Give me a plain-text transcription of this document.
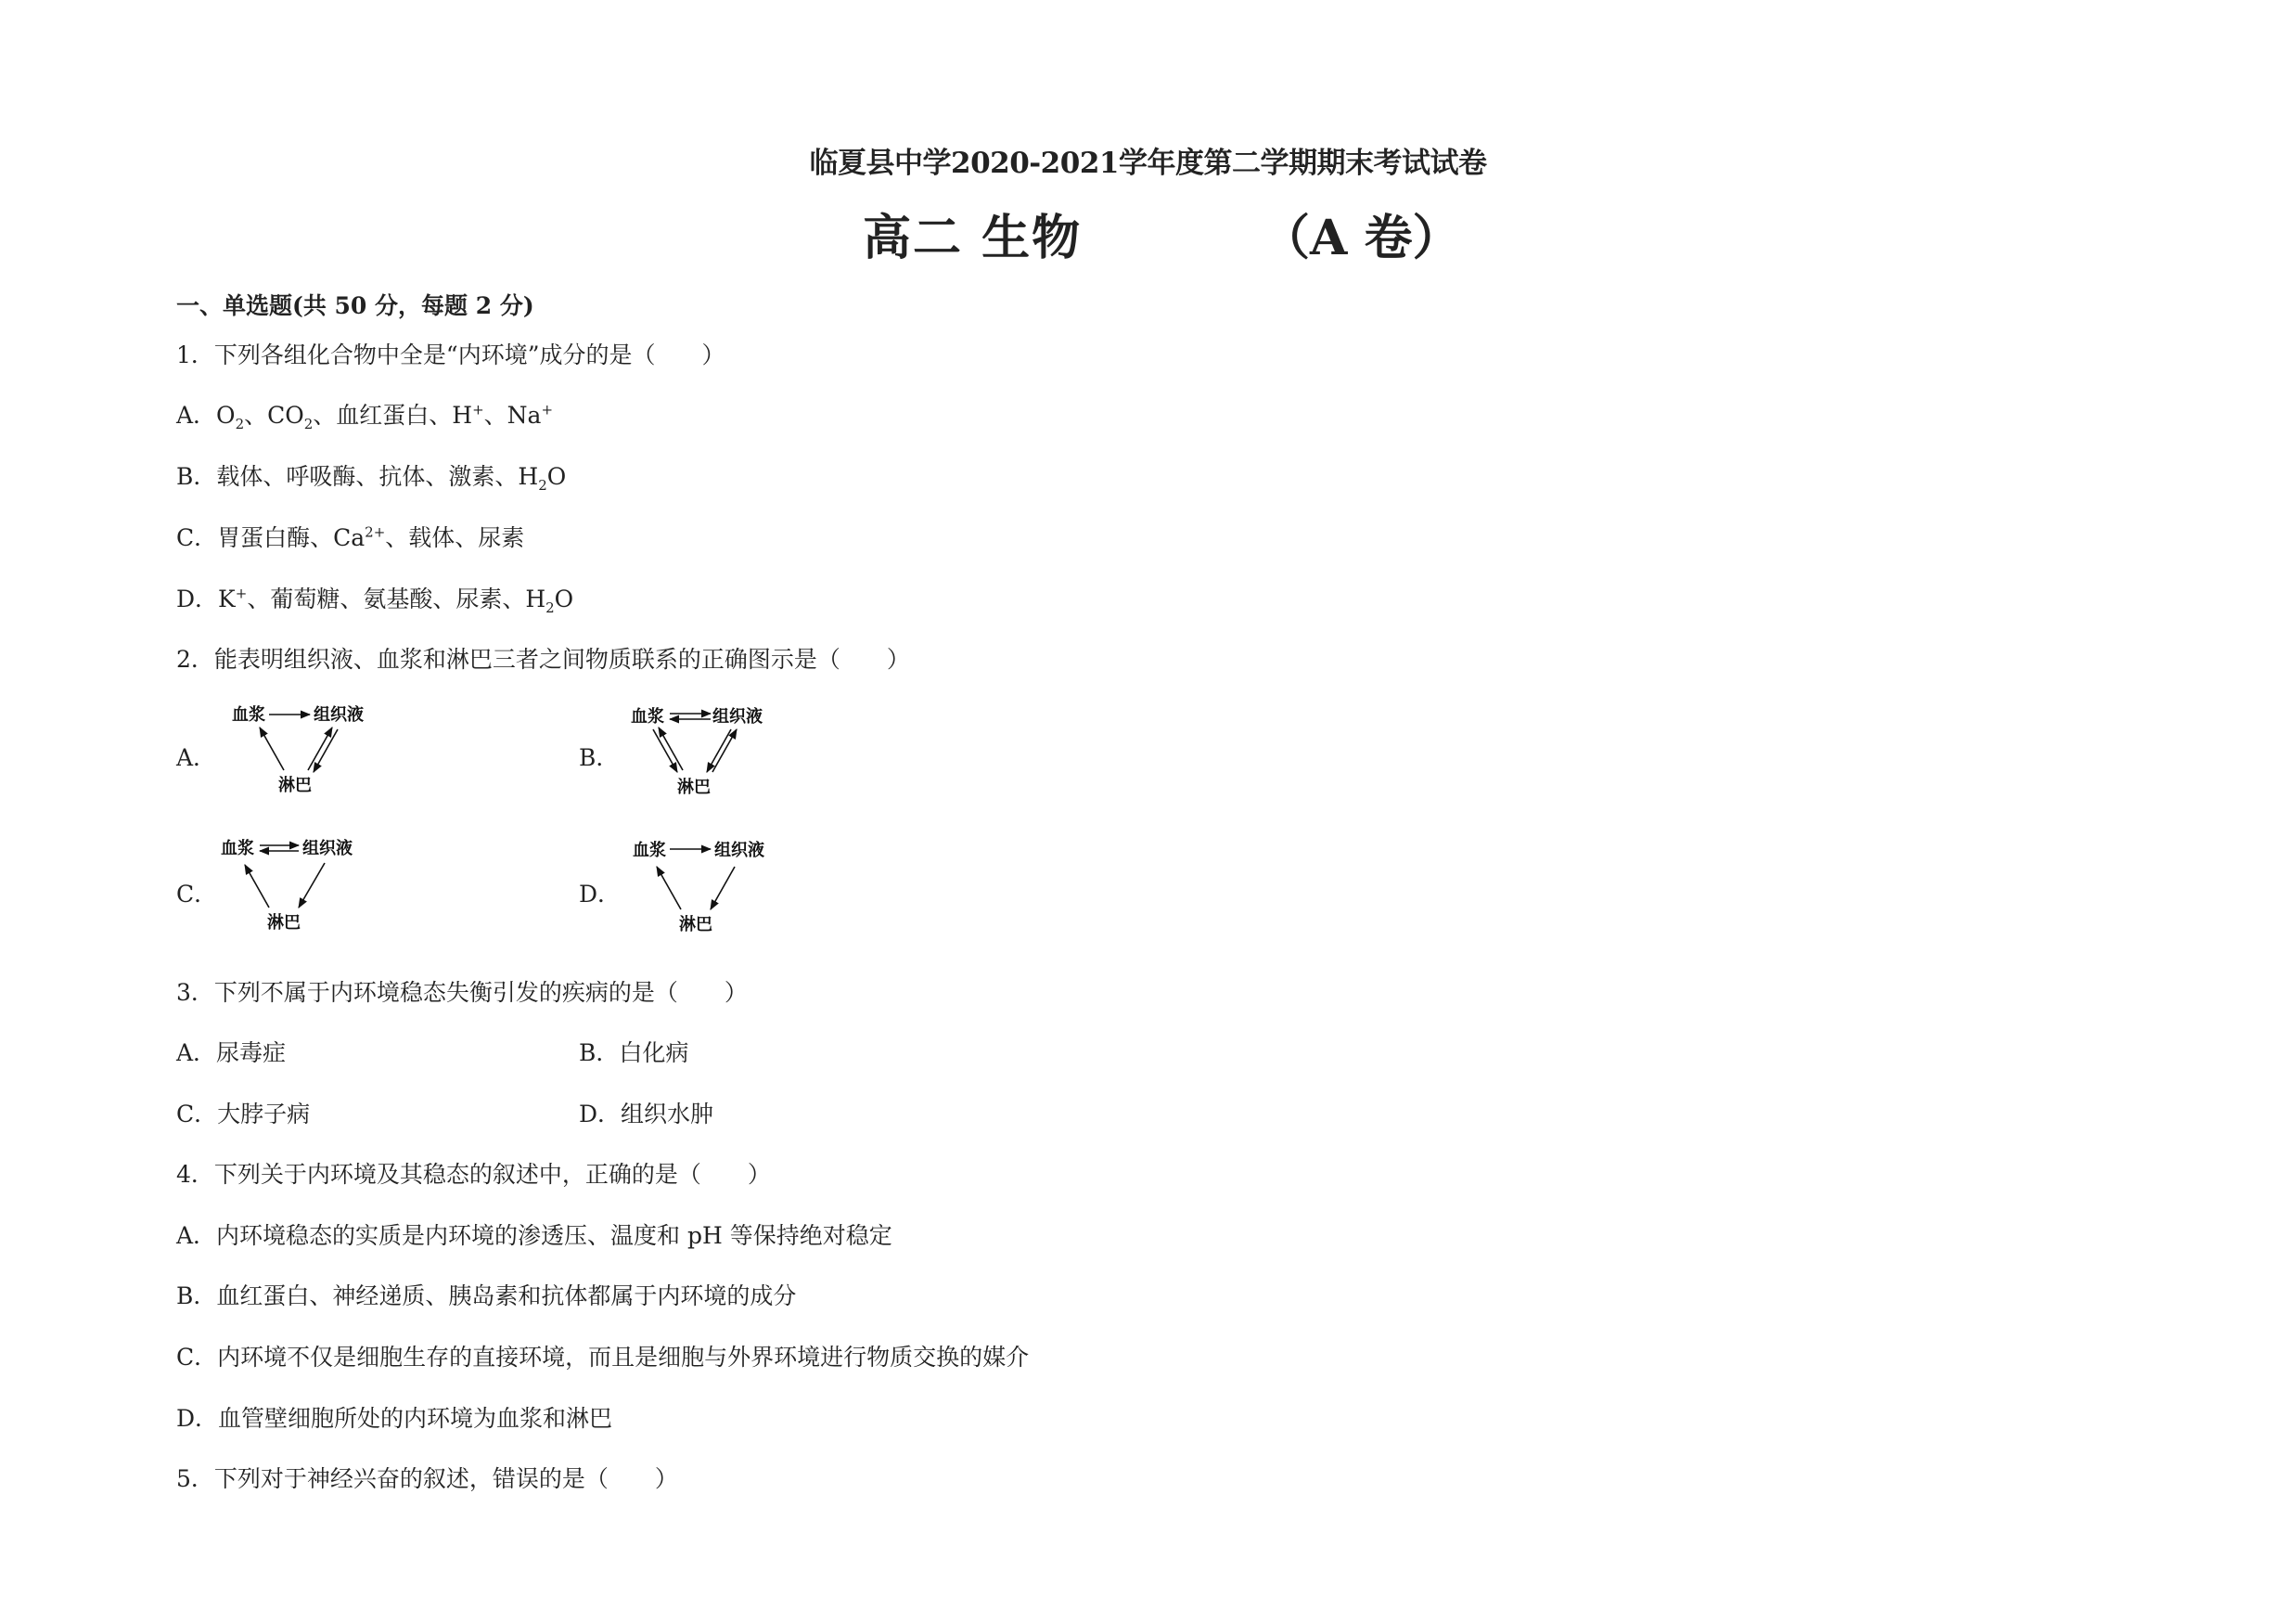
临夏县中学2020-2021学年度第二学期期末考试试卷
高二 生物	（A 卷）
一、单选题(共 50 分，每题 2 分)
1．下列各组化合物中全是“内环境”成分的是（　　）
A．$O_2$、$CO_2$、血红蛋白、H+、Na+
B．载体、呼吸酶、抗体、激素、$H_2O$
C．胃蛋白酶、$Ca^{2+}$、载体、尿素
D．K+、葡萄糖、氨基酸、尿素、$H_2O$
2．能表明组织液、血浆和淋巴三者之间物质联系的正确图示是（　　）
A．	B．
C．	D．
血浆	组织液
淋巴
血浆	组织液
淋巴
血浆	组织液
淋巴
血浆	组织液
淋巴
3．下列不属于内环境稳态失衡引发的疾病的是（　　）
A．尿毒症	B．白化病
C．大脖子病	D．组织水肿
4．下列关于内环境及其稳态的叙述中，正确的是（　　）
A．内环境稳态的实质是内环境的渗透压、温度和 pH 等保持绝对稳定
B．血红蛋白、神经递质、胰岛素和抗体都属于内环境的成分
C．内环境不仅是细胞生存的直接环境，而且是细胞与外界环境进行物质交换的媒介
D．血管壁细胞所处的内环境为血浆和淋巴
5．下列对于神经兴奋的叙述，错误的是（　　）
